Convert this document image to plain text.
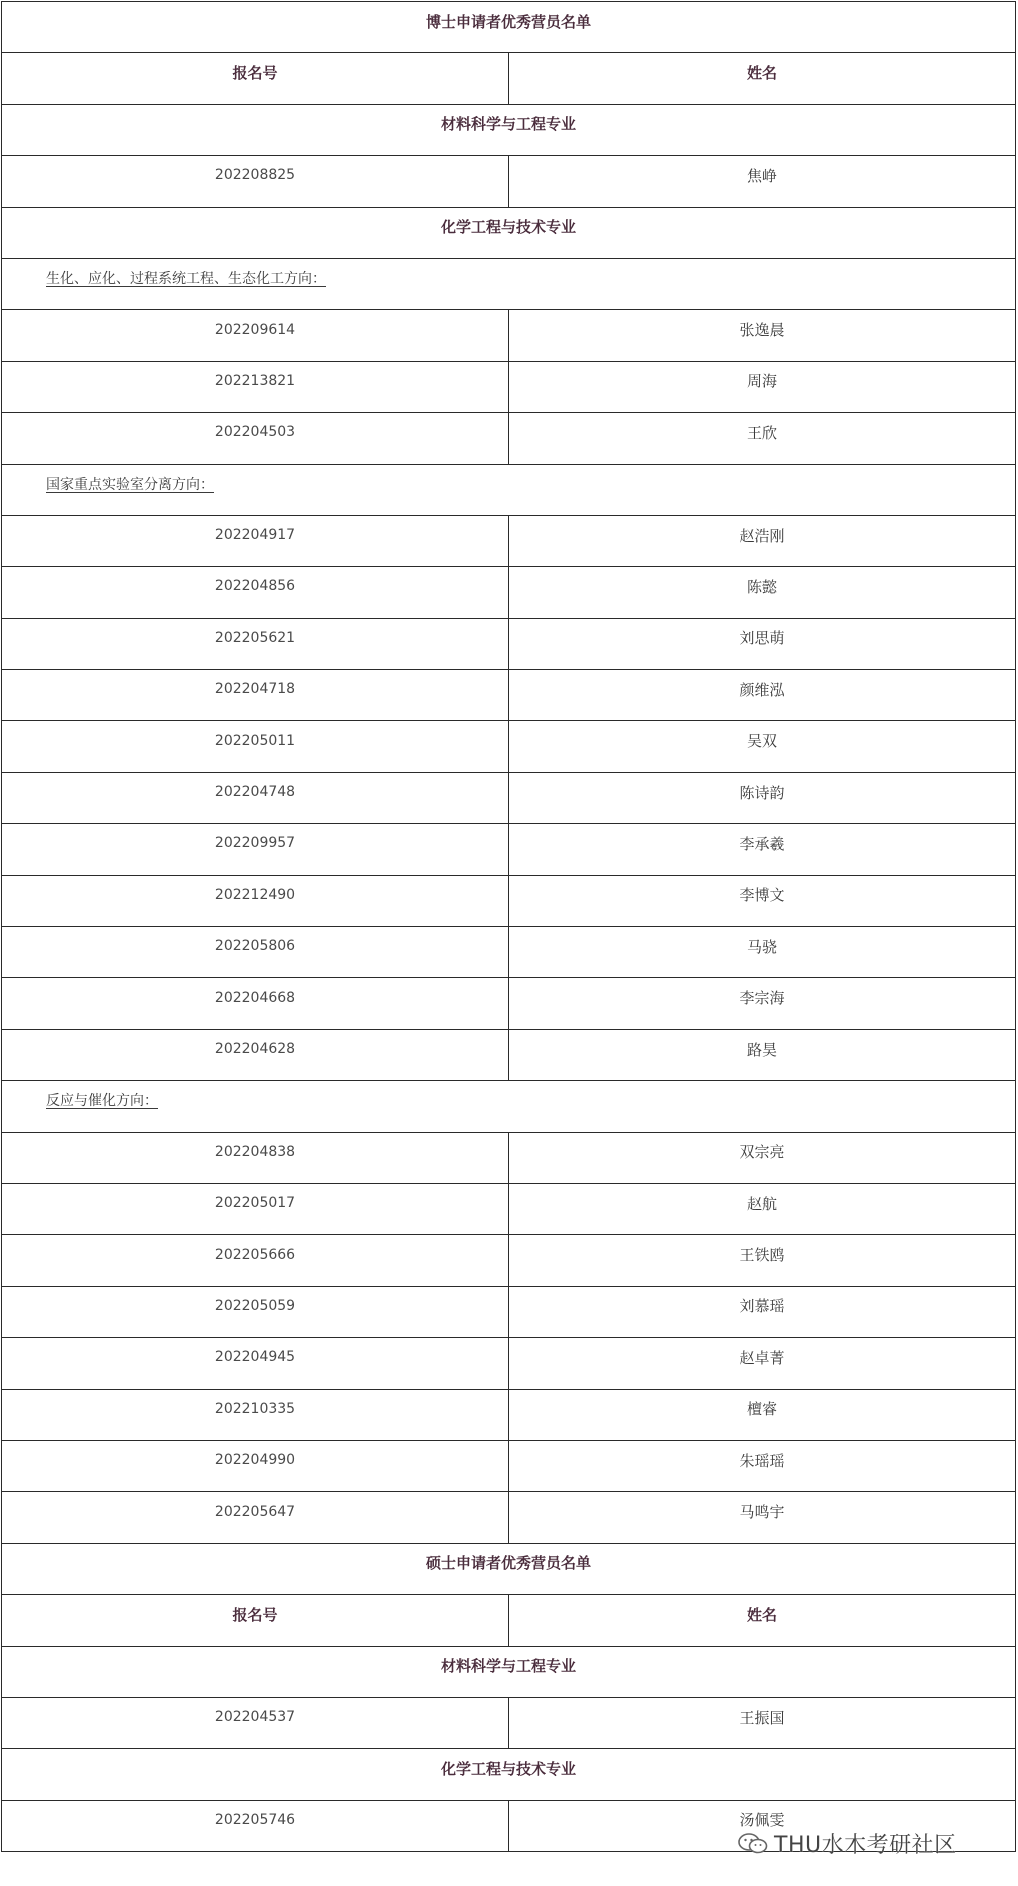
博士申请者优秀营员名单	
报名号	姓名
材料科学与工程专业	
202208825	焦峥
化学工程与技术专业	
生化、应化、过程系统工程、生态化工方向：	
202209614	张逸晨
202213821	周海
202204503	王欣
国家重点实验室分离方向：	
202204917	赵浩刚
202204856	陈懿
202205621	刘思萌
202204718	颜维泓
202205011	吴双
202204748	陈诗韵
202209957	李承羲
202212490	李博文
202205806	马骁
202204668	李宗海
202204628	路昊
反应与催化方向：	
202204838	双宗亮
202205017	赵航
202205666	王铁鸥
202205059	刘慕瑶
202204945	赵卓菁
202210335	檀睿
202204990	朱瑶瑶
202205647	马鸣宇
硕士申请者优秀营员名单	
报名号	姓名
材料科学与工程专业	
202204537	王振国
化学工程与技术专业	
202205746	汤佩雯
THU水木考研社区
